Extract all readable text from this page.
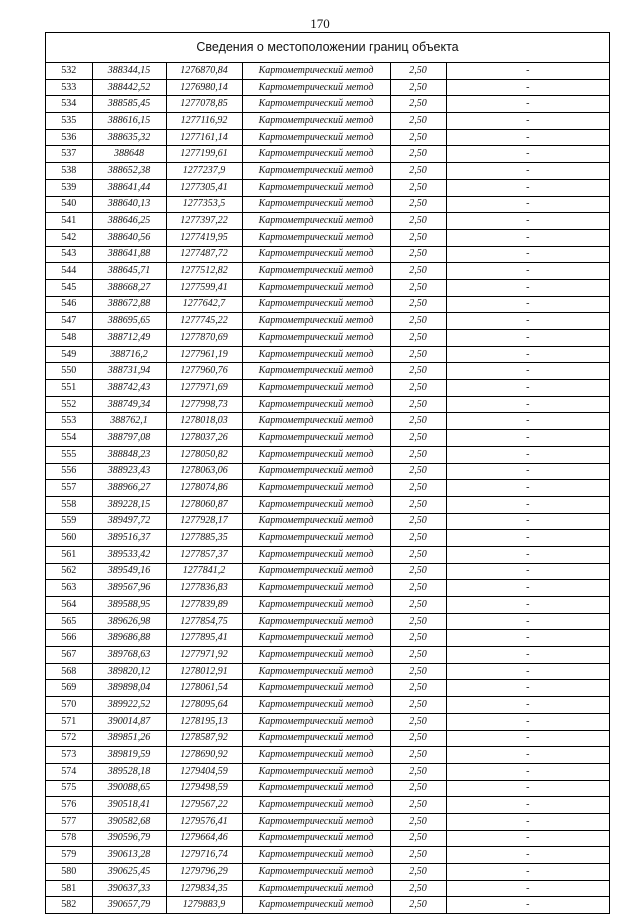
170
Сведения о местоположении границ объекта
532	388344,15	1276870,84	Картометрический метод	2,50	-
533	388442,52	1276980,14	Картометрический метод	2,50	-
534	388585,45	1277078,85	Картометрический метод	2,50	-
535	388616,15	1277116,92	Картометрический метод	2,50	-
536	388635,32	1277161,14	Картометрический метод	2,50	-
537	388648	1277199,61	Картометрический метод	2,50	-
538	388652,38	1277237,9	Картометрический метод	2,50	-
539	388641,44	1277305,41	Картометрический метод	2,50	-
540	388640,13	1277353,5	Картометрический метод	2,50	-
541	388646,25	1277397,22	Картометрический метод	2,50	-
542	388640,56	1277419,95	Картометрический метод	2,50	-
543	388641,88	1277487,72	Картометрический метод	2,50	-
544	388645,71	1277512,82	Картометрический метод	2,50	-
545	388668,27	1277599,41	Картометрический метод	2,50	-
546	388672,88	1277642,7	Картометрический метод	2,50	-
547	388695,65	1277745,22	Картометрический метод	2,50	-
548	388712,49	1277870,69	Картометрический метод	2,50	-
549	388716,2	1277961,19	Картометрический метод	2,50	-
550	388731,94	1277960,76	Картометрический метод	2,50	-
551	388742,43	1277971,69	Картометрический метод	2,50	-
552	388749,34	1277998,73	Картометрический метод	2,50	-
553	388762,1	1278018,03	Картометрический метод	2,50	-
554	388797,08	1278037,26	Картометрический метод	2,50	-
555	388848,23	1278050,82	Картометрический метод	2,50	-
556	388923,43	1278063,06	Картометрический метод	2,50	-
557	388966,27	1278074,86	Картометрический метод	2,50	-
558	389228,15	1278060,87	Картометрический метод	2,50	-
559	389497,72	1277928,17	Картометрический метод	2,50	-
560	389516,37	1277885,35	Картометрический метод	2,50	-
561	389533,42	1277857,37	Картометрический метод	2,50	-
562	389549,16	1277841,2	Картометрический метод	2,50	-
563	389567,96	1277836,83	Картометрический метод	2,50	-
564	389588,95	1277839,89	Картометрический метод	2,50	-
565	389626,98	1277854,75	Картометрический метод	2,50	-
566	389686,88	1277895,41	Картометрический метод	2,50	-
567	389768,63	1277971,92	Картометрический метод	2,50	-
568	389820,12	1278012,91	Картометрический метод	2,50	-
569	389898,04	1278061,54	Картометрический метод	2,50	-
570	389922,52	1278095,64	Картометрический метод	2,50	-
571	390014,87	1278195,13	Картометрический метод	2,50	-
572	389851,26	1278587,92	Картометрический метод	2,50	-
573	389819,59	1278690,92	Картометрический метод	2,50	-
574	389528,18	1279404,59	Картометрический метод	2,50	-
575	390088,65	1279498,59	Картометрический метод	2,50	-
576	390518,41	1279567,22	Картометрический метод	2,50	-
577	390582,68	1279576,41	Картометрический метод	2,50	-
578	390596,79	1279664,46	Картометрический метод	2,50	-
579	390613,28	1279716,74	Картометрический метод	2,50	-
580	390625,45	1279796,29	Картометрический метод	2,50	-
581	390637,33	1279834,35	Картометрический метод	2,50	-
582	390657,79	1279883,9	Картометрический метод	2,50	-
